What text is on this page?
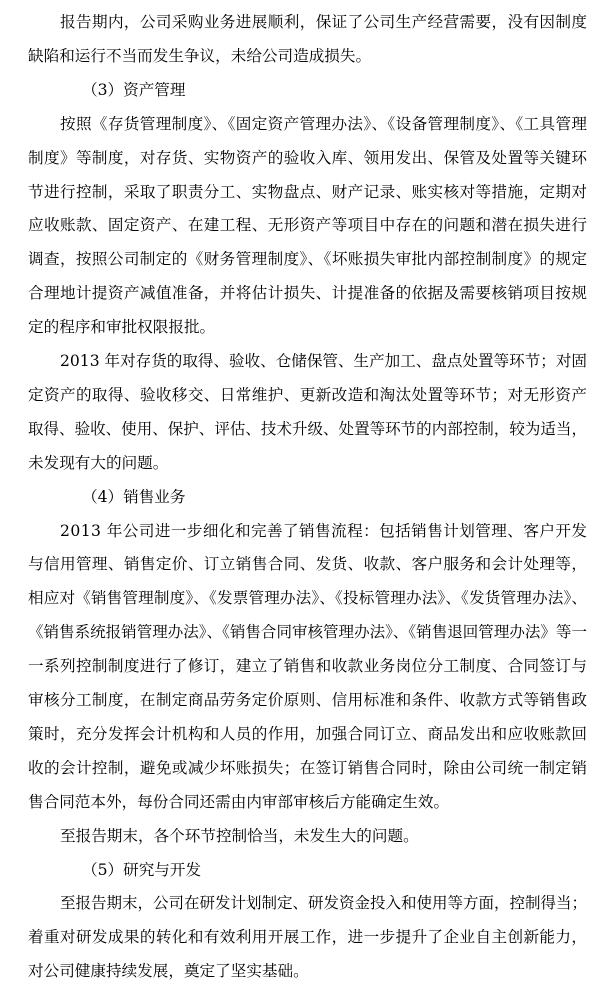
报告期内，公司采购业务进展顺利，保证了公司生产经营需要，没有因制度
缺陷和运行不当而发生争议，未给公司造成损失。
（3）资产管理
按照《存货管理制度》、《固定资产管理办法》、《设备管理制度》、《工具管理
制度》等制度，对存货、实物资产的验收入库、领用发出、保管及处置等关键环
节进行控制，采取了职责分工、实物盘点、财产记录、账实核对等措施，定期对
应收账款、固定资产、在建工程、无形资产等项目中存在的问题和潜在损失进行
调查，按照公司制定的《财务管理制度》、《坏账损失审批内部控制制度》的规定
合理地计提资产减值准备，并将估计损失、计提准备的依据及需要核销项目按规
定的程序和审批权限报批。
2013 年对存货的取得、验收、仓储保管、生产加工、盘点处置等环节；对固
定资产的取得、验收移交、日常维护、更新改造和淘汰处置等环节；对无形资产
取得、验收、使用、保护、评估、技术升级、处置等环节的内部控制，较为适当，
未发现有大的问题。
（4）销售业务
2013 年公司进一步细化和完善了销售流程：包括销售计划管理、客户开发
与信用管理、销售定价、订立销售合同、发货、收款、客户服务和会计处理等，
相应对《销售管理制度》、《发票管理办法》、《投标管理办法》、《发货管理办法》、
《销售系统报销管理办法》、《销售合同审核管理办法》、《销售退回管理办法》等一
一系列控制制度进行了修订，建立了销售和收款业务岗位分工制度、合同签订与
审核分工制度，在制定商品劳务定价原则、信用标准和条件、收款方式等销售政
策时，充分发挥会计机构和人员的作用，加强合同订立、商品发出和应收账款回
收的会计控制，避免或减少坏账损失；在签订销售合同时，除由公司统一制定销
售合同范本外，每份合同还需由内审部审核后方能确定生效。
至报告期末，各个环节控制恰当，未发生大的问题。
（5）研究与开发
至报告期末，公司在研发计划制定、研发资金投入和使用等方面，控制得当；
着重对研发成果的转化和有效利用开展工作，进一步提升了企业自主创新能力，
对公司健康持续发展，奠定了坚实基础。
